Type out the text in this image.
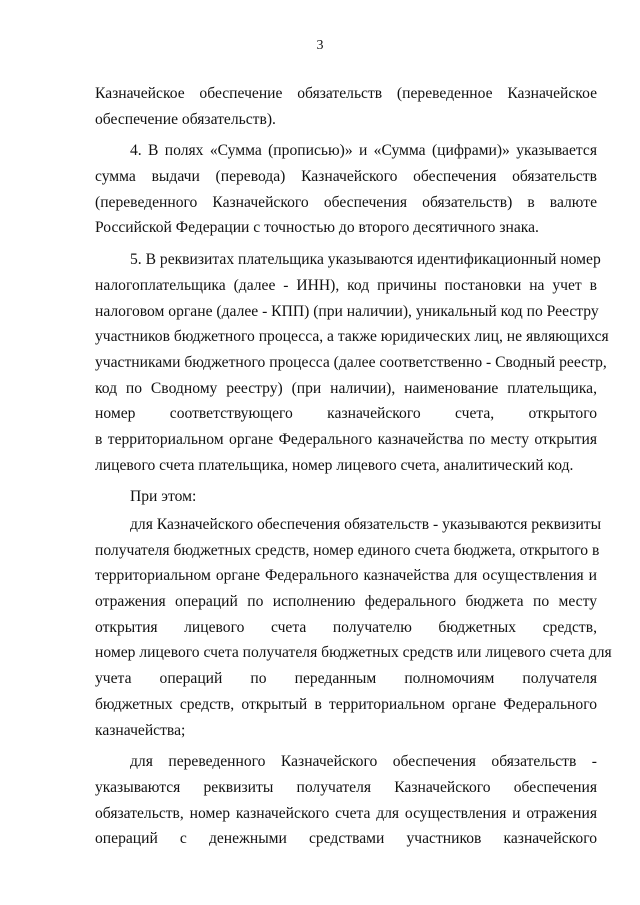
3
Казначейское обеспечение обязательств (переведенное Казначейское
обеспечение обязательств).
4. В полях «Сумма (прописью)» и «Сумма (цифрами)» указывается
сумма выдачи (перевода) Казначейского обеспечения обязательств
(переведенного Казначейского обеспечения обязательств) в валюте
Российской Федерации с точностью до второго десятичного знака.
5. В реквизитах плательщика указываются идентификационный номер
налогоплательщика (далее - ИНН), код причины постановки на учет в
налоговом органе (далее - КПП) (при наличии), уникальный код по Реестру
участников бюджетного процесса, а также юридических лиц, не являющихся
участниками бюджетного процесса (далее соответственно - Сводный реестр,
код по Сводному реестру) (при наличии), наименование плательщика,
номер соответствующего казначейского счета, открытого
в территориальном органе Федерального казначейства по месту открытия
лицевого счета плательщика, номер лицевого счета, аналитический код.
При этом:
для Казначейского обеспечения обязательств - указываются реквизиты
получателя бюджетных средств, номер единого счета бюджета, открытого в
территориальном органе Федерального казначейства для осуществления и
отражения операций по исполнению федерального бюджета по месту
открытия лицевого счета получателю бюджетных средств,
номер лицевого счета получателя бюджетных средств или лицевого счета для
учета операций по переданным полномочиям получателя
бюджетных средств, открытый в территориальном органе Федерального
казначейства;
для переведенного Казначейского обеспечения обязательств -
указываются реквизиты получателя Казначейского обеспечения
обязательств, номер казначейского счета для осуществления и отражения
операций с денежными средствами участников казначейского
